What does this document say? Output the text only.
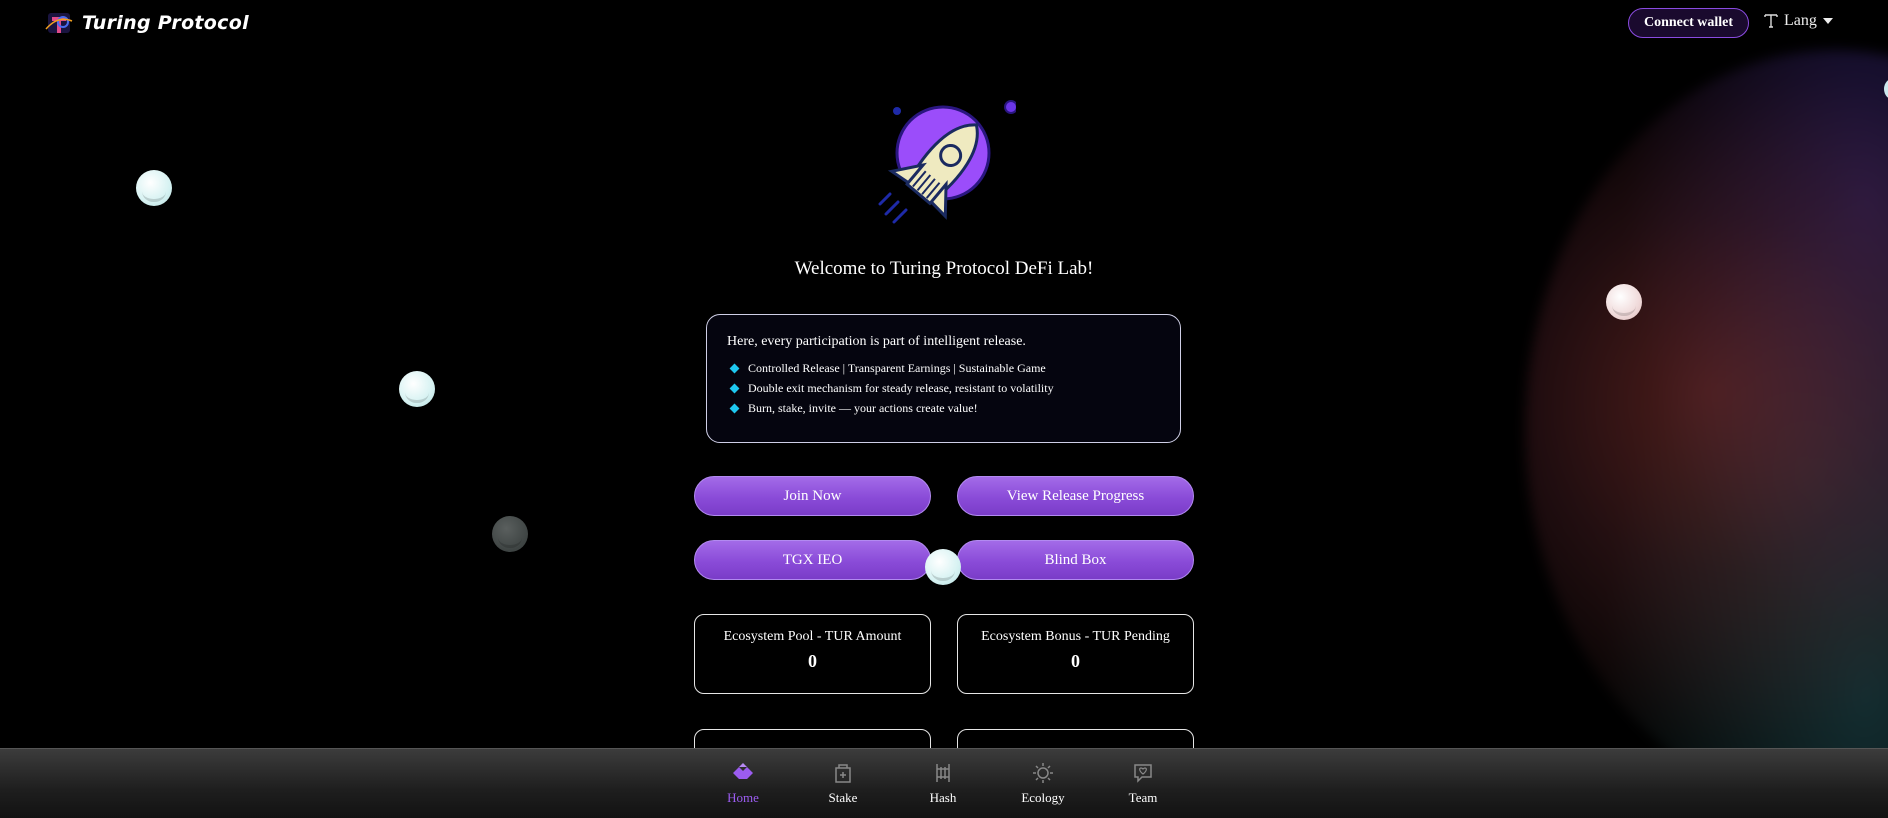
Turing Protocol	Connect wallet	Lang
Welcome to Turing Protocol DeFi Lab!
Here, every participation is part of intelligent release.
Controlled Release | Transparent Earnings | Sustainable Game
Double exit mechanism for steady release, resistant to volatility
Burn, stake, invite — your actions create value!
Join Now	View Release Progress
TGX IEO	Blind Box
Ecosystem Pool - TUR Amount
0
Ecosystem Bonus - TUR Pending
0
Home	Stake	Hash	Ecology	Team
